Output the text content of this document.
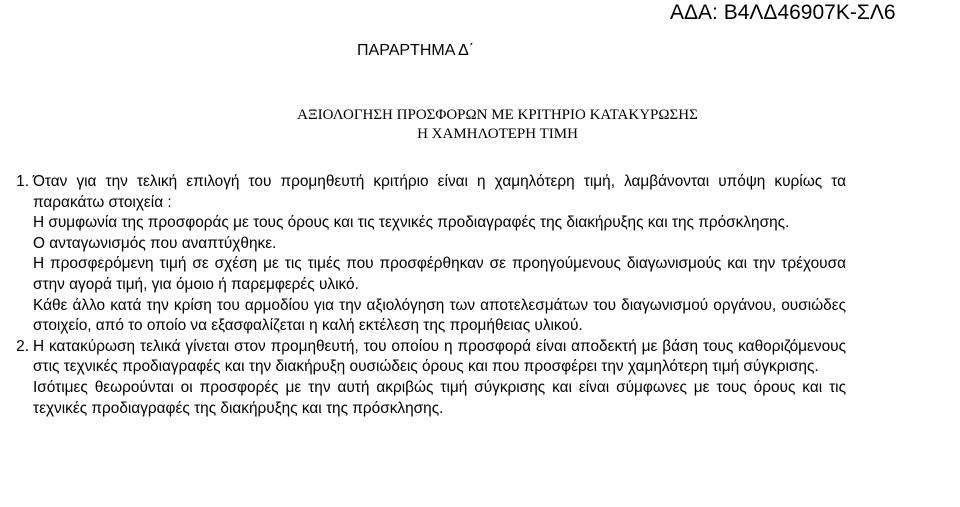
ΑΔΑ: Β4ΛΔ46907Κ-ΣΛ6
ΠΑΡΑΡΤΗΜΑ Δ΄
ΑΞΙΟΛΟΓΗΣΗ ΠΡΟΣΦΟΡΩΝ ΜΕ ΚΡΙΤΗΡΙΟ ΚΑΤΑΚΥΡΩΣΗΣ
Η ΧΑΜΗΛΟΤΕΡΗ ΤΙΜΗ
1. Όταν για την τελική επιλογή του προμηθευτή κριτήριο είναι η χαμηλότερη τιμή, λαμβάνονται υπόψη κυρίως τα παρακάτω στοιχεία :
Η συμφωνία της προσφοράς με τους όρους και τις τεχνικές προδιαγραφές της διακήρυξης και της πρόσκλησης.
Ο ανταγωνισμός που αναπτύχθηκε.
Η προσφερόμενη τιμή σε σχέση με τις τιμές που προσφέρθηκαν σε προηγούμενους διαγωνισμούς και την τρέχουσα στην αγορά τιμή, για όμοιο ή παρεμφερές υλικό.
Κάθε άλλο κατά την κρίση του αρμοδίου για την αξιολόγηση των αποτελεσμάτων του διαγωνισμού οργάνου, ουσιώδες στοιχείο, από το οποίο να εξασφαλίζεται η καλή εκτέλεση της προμήθειας υλικού.
2. Η κατακύρωση τελικά γίνεται στον προμηθευτή, του οποίου η προσφορά είναι αποδεκτή με βάση τους καθοριζόμενους στις τεχνικές προδιαγραφές και την διακήρυξη ουσιώδεις όρους και που προσφέρει την χαμηλότερη τιμή σύγκρισης.
Ισότιμες θεωρούνται οι προσφορές με την αυτή ακριβώς τιμή σύγκρισης και είναι σύμφωνες με τους όρους και τις τεχνικές προδιαγραφές της διακήρυξης και της πρόσκλησης.
